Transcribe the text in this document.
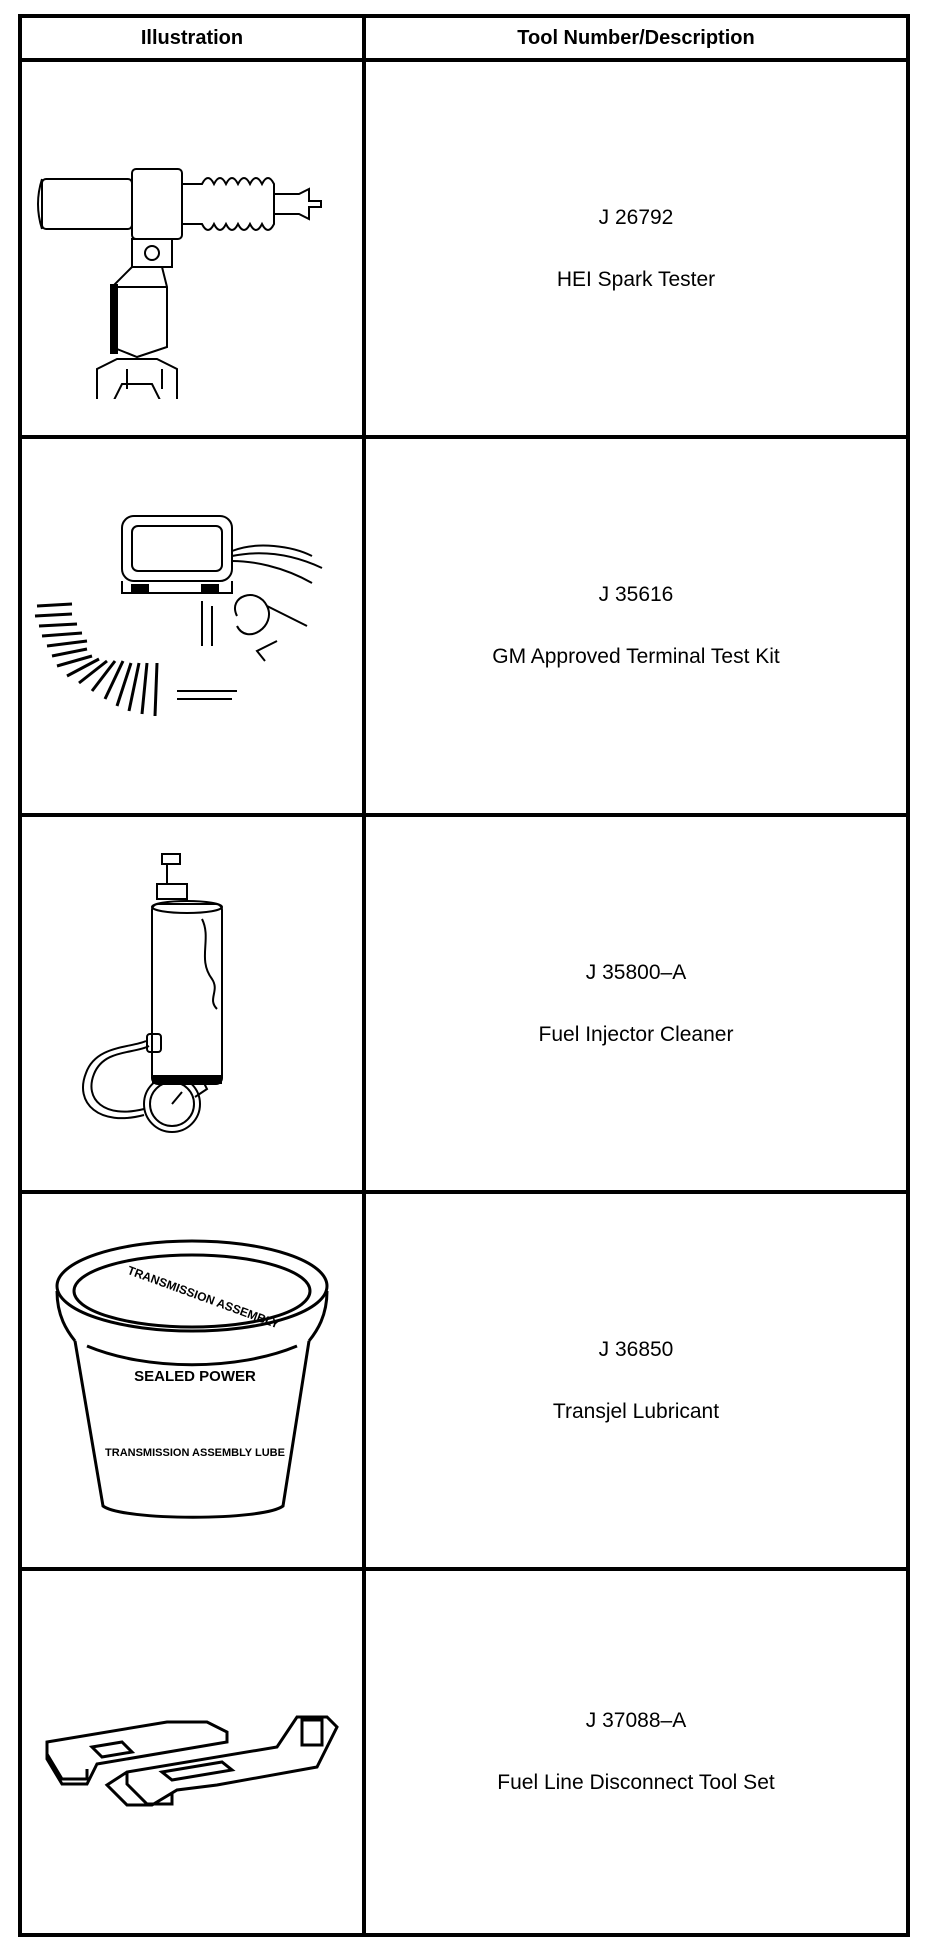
Illustration	Tool Number/Description
J 26792
HEI Spark Tester
J 35616
GM Approved Terminal Test Kit
J 35800–A
Fuel Injector Cleaner
TRANSMISSION ASSEMBLY
SEALED POWER
TRANSMISSION ASSEMBLY LUBE
J 36850
Transjel Lubricant
J 37088–A
Fuel Line Disconnect Tool Set
